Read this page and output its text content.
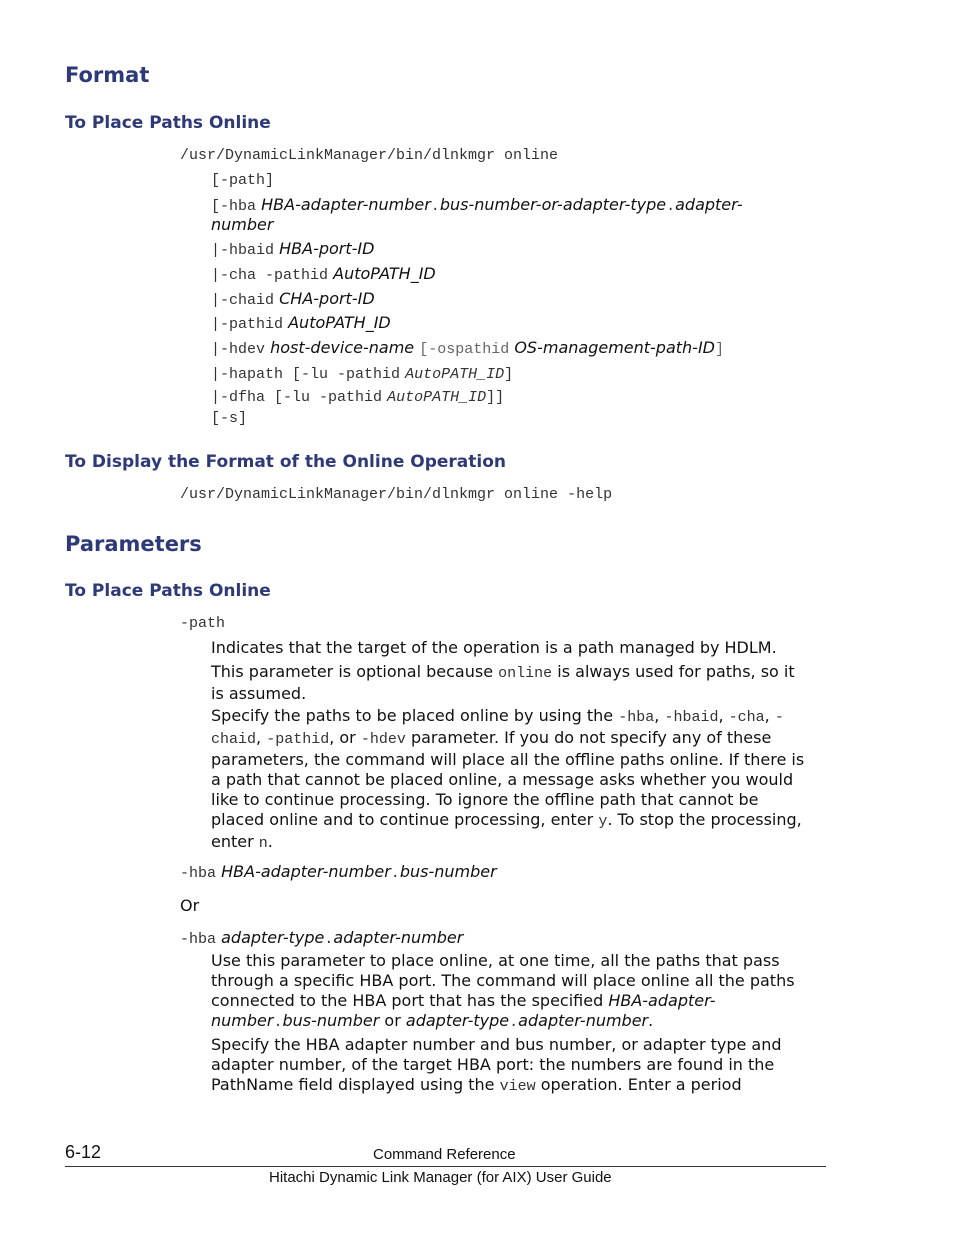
Format
To Place Paths Online
/usr/DynamicLinkManager/bin/dlnkmgr online
[-path]
[-hba HBA-adapter-number.bus-number-or-adapter-type.adapter-
number
|-hbaid HBA-port-ID
|-cha -pathid AutoPATH_ID
|-chaid CHA-port-ID
|-pathid AutoPATH_ID
|-hdev host-device-name [-ospathid OS-management-path-ID]
|-hapath [-lu -pathid AutoPATH_ID]
|-dfha [-lu -pathid AutoPATH_ID]]
[-s]
To Display the Format of the Online Operation
/usr/DynamicLinkManager/bin/dlnkmgr online -help
Parameters
To Place Paths Online
-path
Indicates that the target of the operation is a path managed by HDLM.
This parameter is optional because online is always used for paths, so it
is assumed.
Specify the paths to be placed online by using the -hba, -hbaid, -cha, -
chaid, -pathid, or -hdev parameter. If you do not specify any of these
parameters, the command will place all the offline paths online. If there is
a path that cannot be placed online, a message asks whether you would
like to continue processing. To ignore the offline path that cannot be
placed online and to continue processing, enter y. To stop the processing,
enter n.
-hba HBA-adapter-number.bus-number
Or
-hba adapter-type.adapter-number
Use this parameter to place online, at one time, all the paths that pass
through a specific HBA port. The command will place online all the paths
connected to the HBA port that has the specified HBA-adapter-
number.bus-number or adapter-type.adapter-number.
Specify the HBA adapter number and bus number, or adapter type and
adapter number, of the target HBA port: the numbers are found in the
PathName field displayed using the view operation. Enter a period
6-12	Command Reference
Hitachi Dynamic Link Manager (for AIX) User Guide
